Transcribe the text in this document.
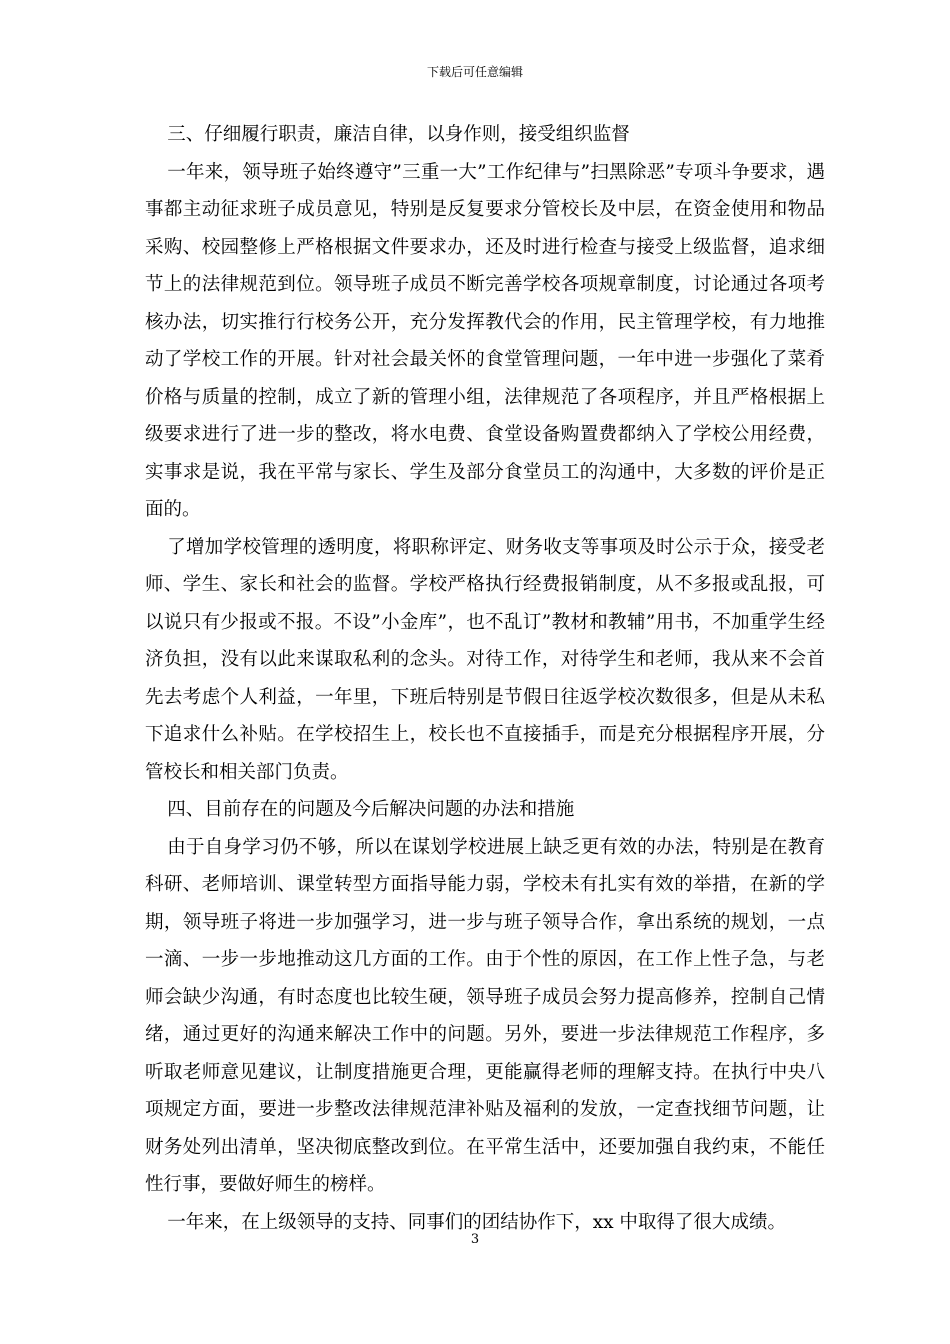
下载后可任意编辑

三、仔细履行职责，廉洁自律，以身作则，接受组织监督

一年来，领导班子始终遵守”三重一大”工作纪律与”扫黑除恶”专项斗争要求，遇事都主动征求班子成员意见，特别是反复要求分管校长及中层，在资金使用和物品采购、校园整修上严格根据文件要求办，还及时进行检查与接受上级监督，追求细节上的法律规范到位。领导班子成员不断完善学校各项规章制度，讨论通过各项考核办法，切实推行行校务公开，充分发挥教代会的作用，民主管理学校，有力地推动了学校工作的开展。针对社会最关怀的食堂管理问题，一年中进一步强化了菜肴价格与质量的控制，成立了新的管理小组，法律规范了各项程序，并且严格根据上级要求进行了进一步的整改，将水电费、食堂设备购置费都纳入了学校公用经费，实事求是说，我在平常与家长、学生及部分食堂员工的沟通中，大多数的评价是正面的。

了增加学校管理的透明度，将职称评定、财务收支等事项及时公示于众，接受老师、学生、家长和社会的监督。学校严格执行经费报销制度，从不多报或乱报，可以说只有少报或不报。不设”小金库”，也不乱订”教材和教辅”用书，不加重学生经济负担，没有以此来谋取私利的念头。对待工作，对待学生和老师，我从来不会首先去考虑个人利益，一年里，下班后特别是节假日往返学校次数很多，但是从未私下追求什么补贴。在学校招生上，校长也不直接插手，而是充分根据程序开展，分管校长和相关部门负责。

四、目前存在的问题及今后解决问题的办法和措施

由于自身学习仍不够，所以在谋划学校进展上缺乏更有效的办法，特别是在教育科研、老师培训、课堂转型方面指导能力弱，学校未有扎实有效的举措，在新的学期，领导班子将进一步加强学习，进一步与班子领导合作，拿出系统的规划，一点一滴、一步一步地推动这几方面的工作。由于个性的原因，在工作上性子急，与老师会缺少沟通，有时态度也比较生硬，领导班子成员会努力提高修养，控制自己情绪，通过更好的沟通来解决工作中的问题。另外，要进一步法律规范工作程序，多听取老师意见建议，让制度措施更合理，更能赢得老师的理解支持。在执行中央八项规定方面，要进一步整改法律规范津补贴及福利的发放，一定查找细节问题，让财务处列出清单，坚决彻底整改到位。在平常生活中，还要加强自我约束，不能任性行事，要做好师生的榜样。

一年来，在上级领导的支持、同事们的团结协作下，xx 中取得了很大成绩。

3
